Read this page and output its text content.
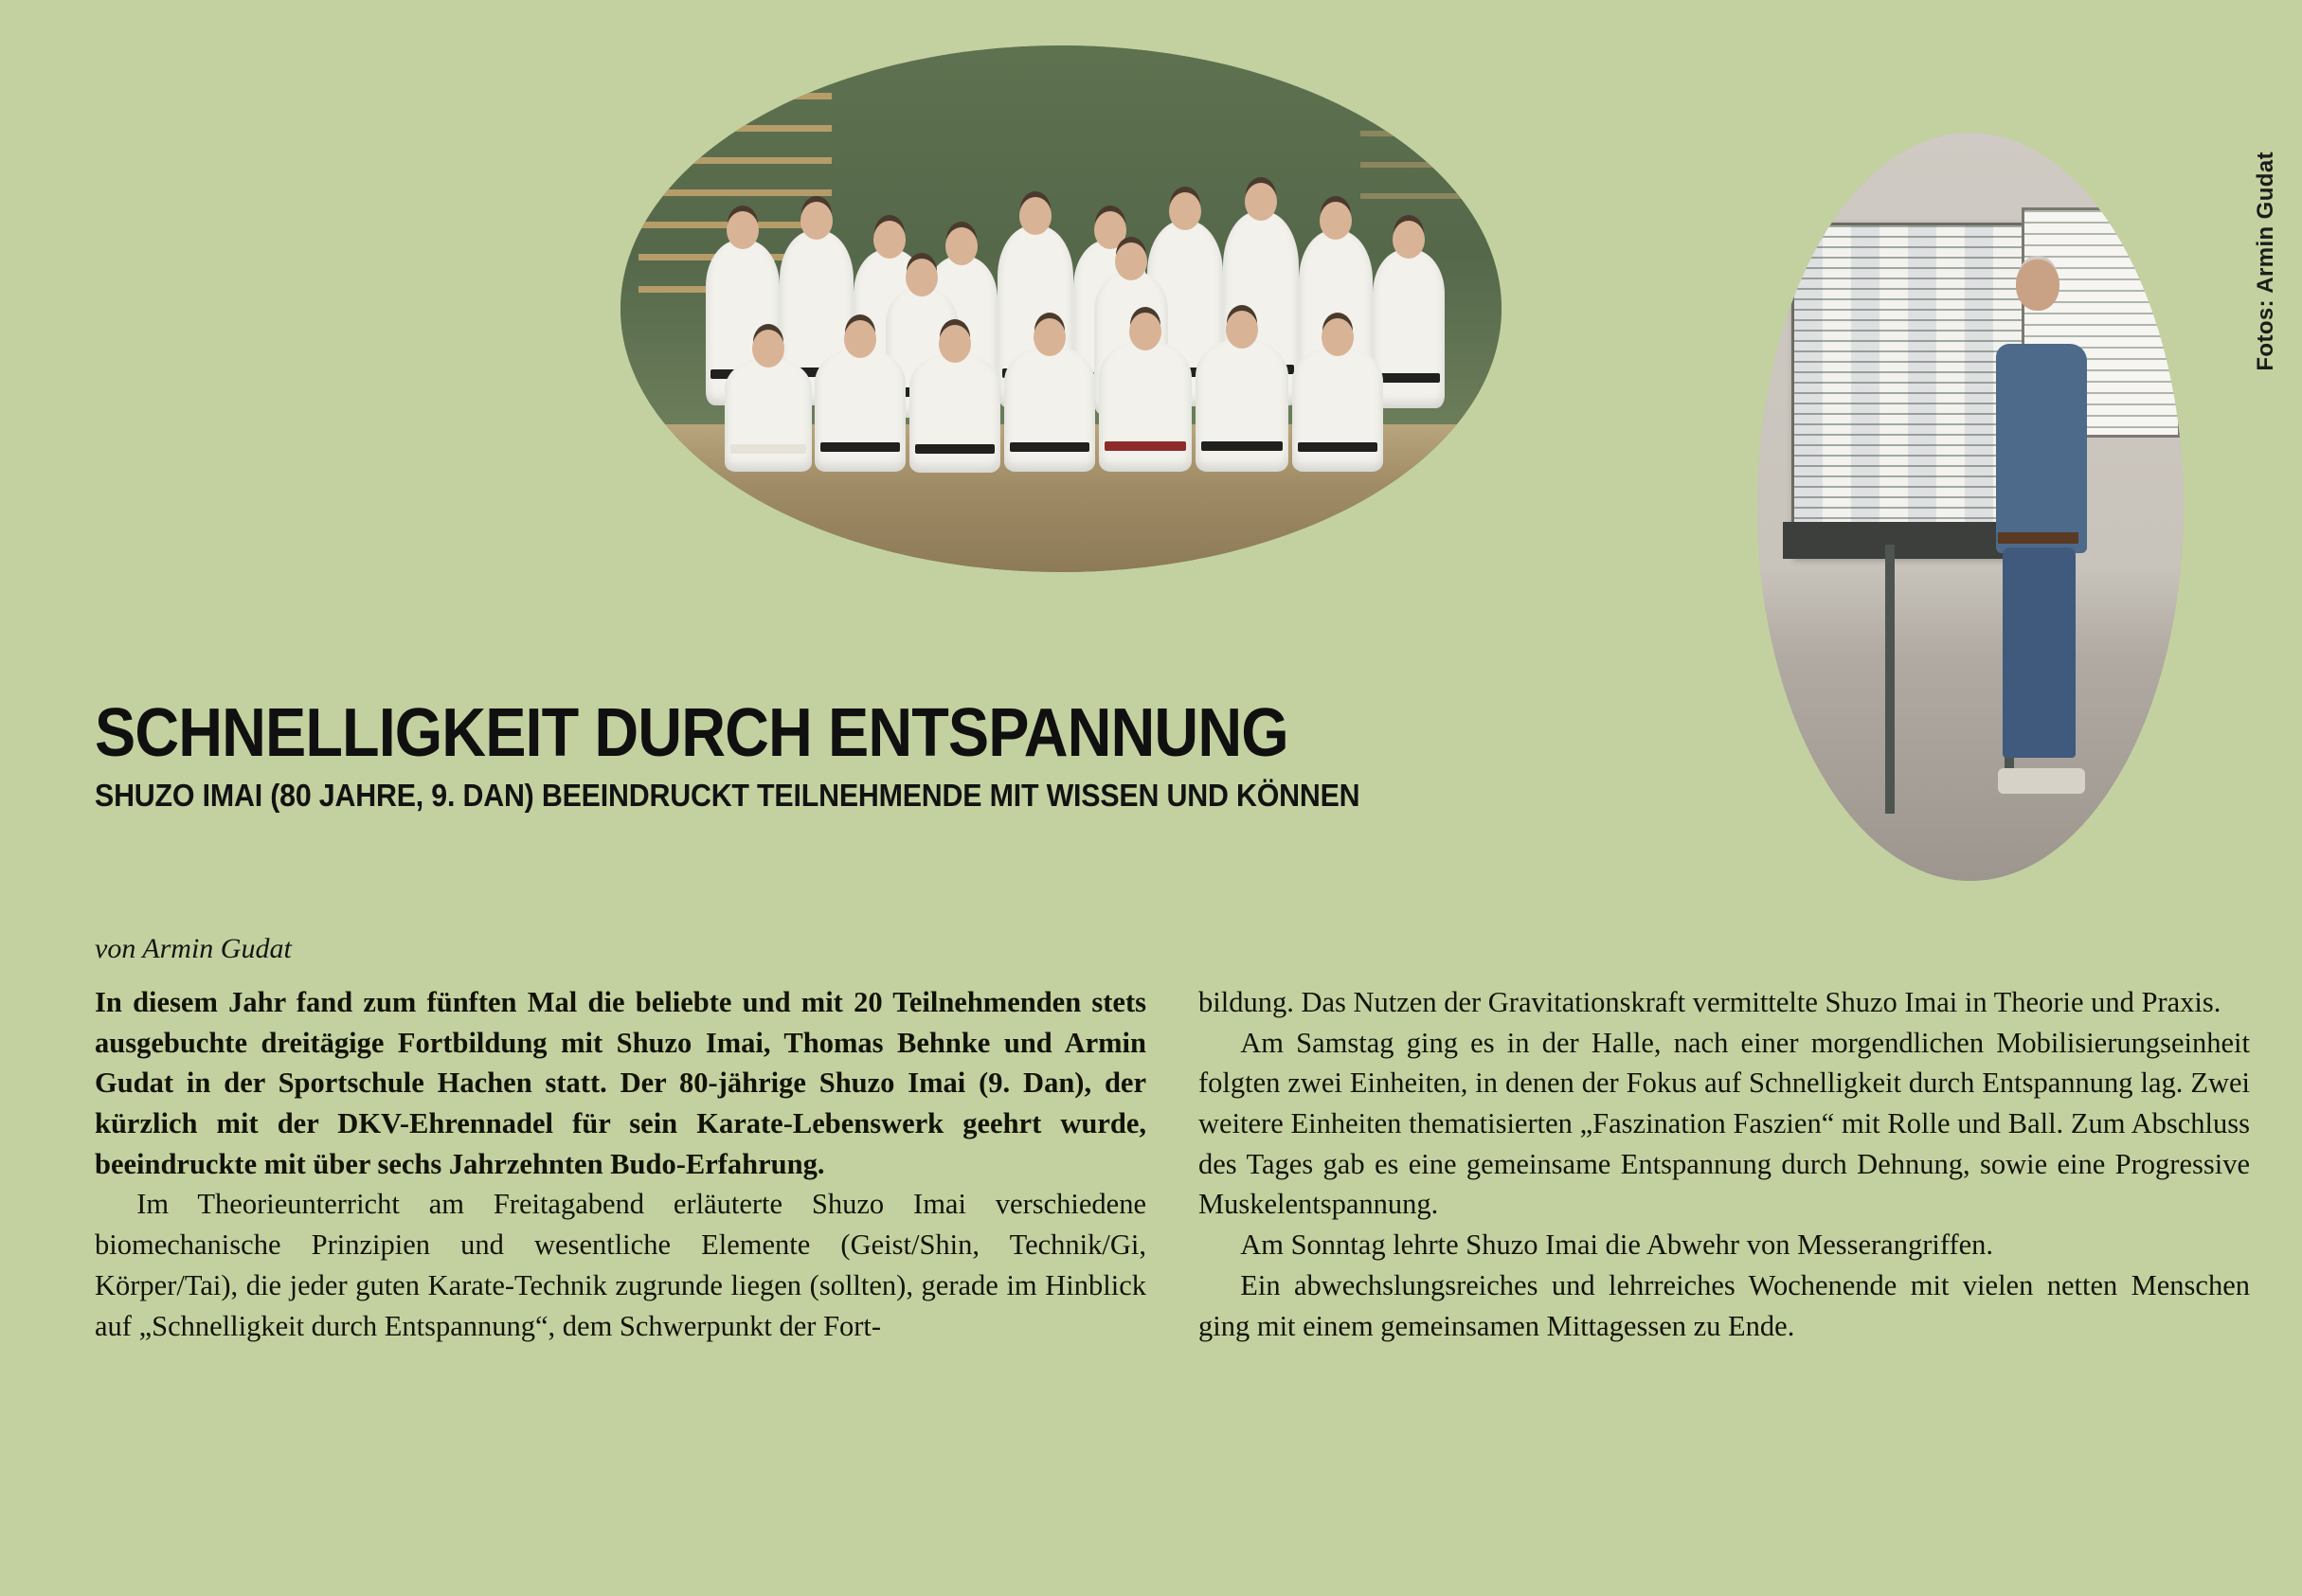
Fotos: Armin Gudat
SCHNELLIGKEIT DURCH ENTSPANNUNG
SHUZO IMAI (80 JAHRE, 9. DAN) BEEINDRUCKT TEILNEHMENDE MIT WISSEN UND KÖNNEN
von Armin Gudat

In diesem Jahr fand zum fünften Mal die beliebte und mit 20 Teilnehmenden stets ausgebuchte dreitägige Fortbildung mit Shuzo Imai, Thomas Behnke und Armin Gudat in der Sportschule Hachen statt. Der 80-jährige Shuzo Imai (9. Dan), der kürzlich mit der DKV-Ehrennadel für sein Karate-Lebenswerk geehrt wurde, beeindruckte mit über sechs Jahrzehnten Budo-Erfahrung.

Im Theorieunterricht am Freitagabend erläuterte Shuzo Imai verschiedene biomechanische Prinzipien und wesentliche Elemente (Geist/Shin, Technik/Gi, Körper/Tai), die jeder guten Karate-Technik zugrunde liegen (sollten), gerade im Hinblick auf „Schnelligkeit durch Entspannung“, dem Schwerpunkt der Fort-

bildung. Das Nutzen der Gravitationskraft vermittelte Shuzo Imai in Theorie und Praxis.

Am Samstag ging es in der Halle, nach einer morgendlichen Mobilisierungseinheit folgten zwei Einheiten, in denen der Fokus auf Schnelligkeit durch Entspannung lag. Zwei weitere Einheiten thematisierten „Faszination Faszien“ mit Rolle und Ball. Zum Abschluss des Tages gab es eine gemeinsame Entspannung durch Dehnung, sowie eine Progressive Muskelentspannung.

Am Sonntag lehrte Shuzo Imai die Abwehr von Messerangriffen.

Ein abwechslungsreiches und lehrreiches Wochenende mit vielen netten Menschen ging mit einem gemeinsamen Mittagessen zu Ende.
